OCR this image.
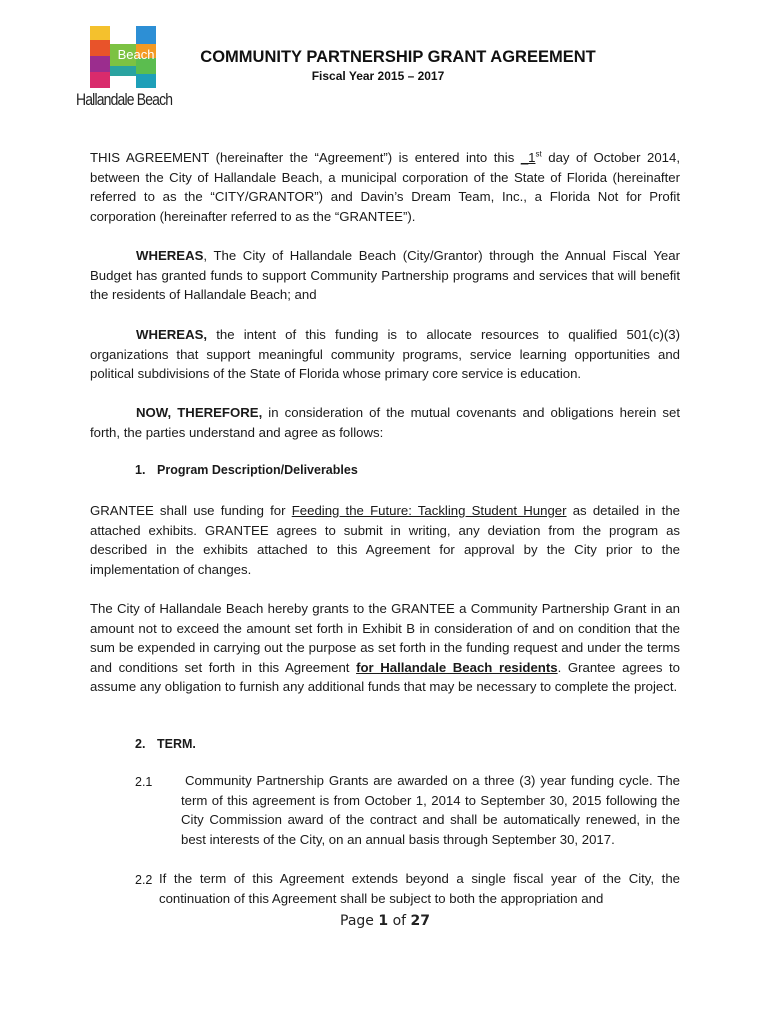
Beach
Hallandale Beach
COMMUNITY PARTNERSHIP GRANT AGREEMENT
Fiscal Year 2015 – 2017
THIS AGREEMENT (hereinafter the “Agreement”) is entered into this _1st day of October 2014, between the City of Hallandale Beach, a municipal corporation of the State of Florida (hereinafter referred to as the “CITY/GRANTOR”) and Davin’s Dream Team, Inc., a Florida Not for Profit corporation (hereinafter referred to as the “GRANTEE”).
WHEREAS, The City of Hallandale Beach (City/Grantor) through the Annual Fiscal Year Budget has granted funds to support Community Partnership programs and services that will benefit the residents of Hallandale Beach; and
WHEREAS, the intent of this funding is to allocate resources to qualified 501(c)(3) organizations that support meaningful community programs, service learning opportunities and political subdivisions of the State of Florida whose primary core service is education.
NOW, THEREFORE, in consideration of the mutual covenants and obligations herein set forth, the parties understand and agree as follows:
1. Program Description/Deliverables
GRANTEE shall use funding for Feeding the Future: Tackling Student Hunger as detailed in the attached exhibits. GRANTEE agrees to submit in writing, any deviation from the program as described in the exhibits attached to this Agreement for approval by the City prior to the implementation of changes.
The City of Hallandale Beach hereby grants to the GRANTEE a Community Partnership Grant in an amount not to exceed the amount set forth in Exhibit B in consideration of and on condition that the sum be expended in carrying out the purpose as set forth in the funding request and under the terms and conditions set forth in this Agreement for Hallandale Beach residents. Grantee agrees to assume any obligation to furnish any additional funds that may be necessary to complete the project.
2. TERM.
2.1	Community Partnership Grants are awarded on a three (3) year funding cycle. The term of this agreement is from October 1, 2014 to September 30, 2015 following the City Commission award of the contract and shall be automatically renewed, in the best interests of the City, on an annual basis through September 30, 2017.
2.2 If the term of this Agreement extends beyond a single fiscal year of the City, the continuation of this Agreement shall be subject to both the appropriation and
Page 1 of 27
